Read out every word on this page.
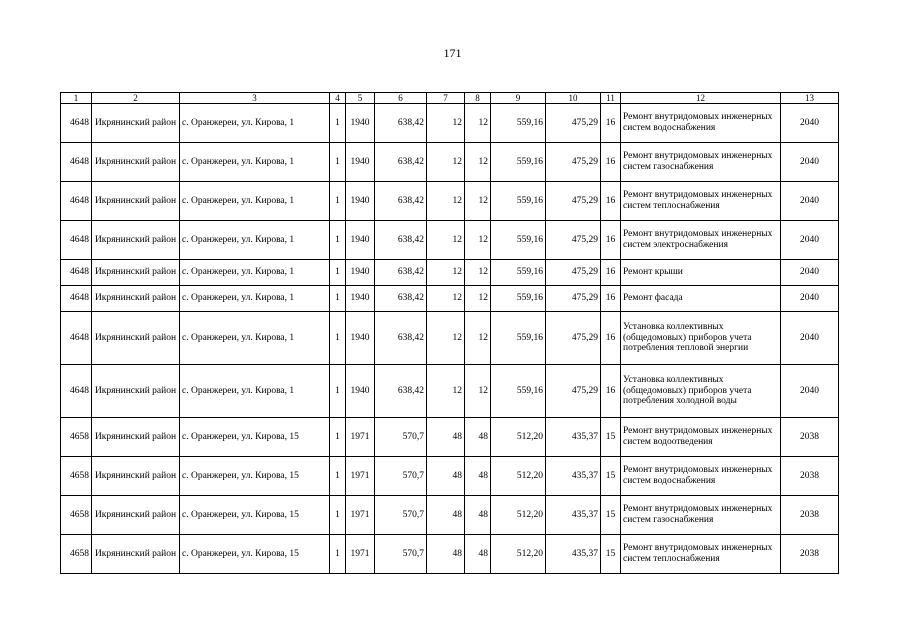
171
1	2	3	4	5	6	7	8	9	10	11	12	13
4648	Икрянинский район	с. Оранжереи, ул. Кирова, 1	1	1940	638,42	12	12	559,16	475,29	16	Ремонт внутридомовых инженерных систем водоснабжения	2040
4648	Икрянинский район	с. Оранжереи, ул. Кирова, 1	1	1940	638,42	12	12	559,16	475,29	16	Ремонт внутридомовых инженерных систем газоснабжения	2040
4648	Икрянинский район	с. Оранжереи, ул. Кирова, 1	1	1940	638,42	12	12	559,16	475,29	16	Ремонт внутридомовых инженерных систем теплоснабжения	2040
4648	Икрянинский район	с. Оранжереи, ул. Кирова, 1	1	1940	638,42	12	12	559,16	475,29	16	Ремонт внутридомовых инженерных систем электроснабжения	2040
4648	Икрянинский район	с. Оранжереи, ул. Кирова, 1	1	1940	638,42	12	12	559,16	475,29	16	Ремонт крыши	2040
4648	Икрянинский район	с. Оранжереи, ул. Кирова, 1	1	1940	638,42	12	12	559,16	475,29	16	Ремонт фасада	2040
4648	Икрянинский район	с. Оранжереи, ул. Кирова, 1	1	1940	638,42	12	12	559,16	475,29	16	Установка коллективных (общедомовых) приборов учета потребления тепловой энергии	2040
4648	Икрянинский район	с. Оранжереи, ул. Кирова, 1	1	1940	638,42	12	12	559,16	475,29	16	Установка коллективных (общедомовых) приборов учета потребления холодной воды	2040
4658	Икрянинский район	с. Оранжереи, ул. Кирова, 15	1	1971	570,7	48	48	512,20	435,37	15	Ремонт внутридомовых инженерных систем водоотведения	2038
4658	Икрянинский район	с. Оранжереи, ул. Кирова, 15	1	1971	570,7	48	48	512,20	435,37	15	Ремонт внутридомовых инженерных систем водоснабжения	2038
4658	Икрянинский район	с. Оранжереи, ул. Кирова, 15	1	1971	570,7	48	48	512,20	435,37	15	Ремонт внутридомовых инженерных систем газоснабжения	2038
4658	Икрянинский район	с. Оранжереи, ул. Кирова, 15	1	1971	570,7	48	48	512,20	435,37	15	Ремонт внутридомовых инженерных систем теплоснабжения	2038
